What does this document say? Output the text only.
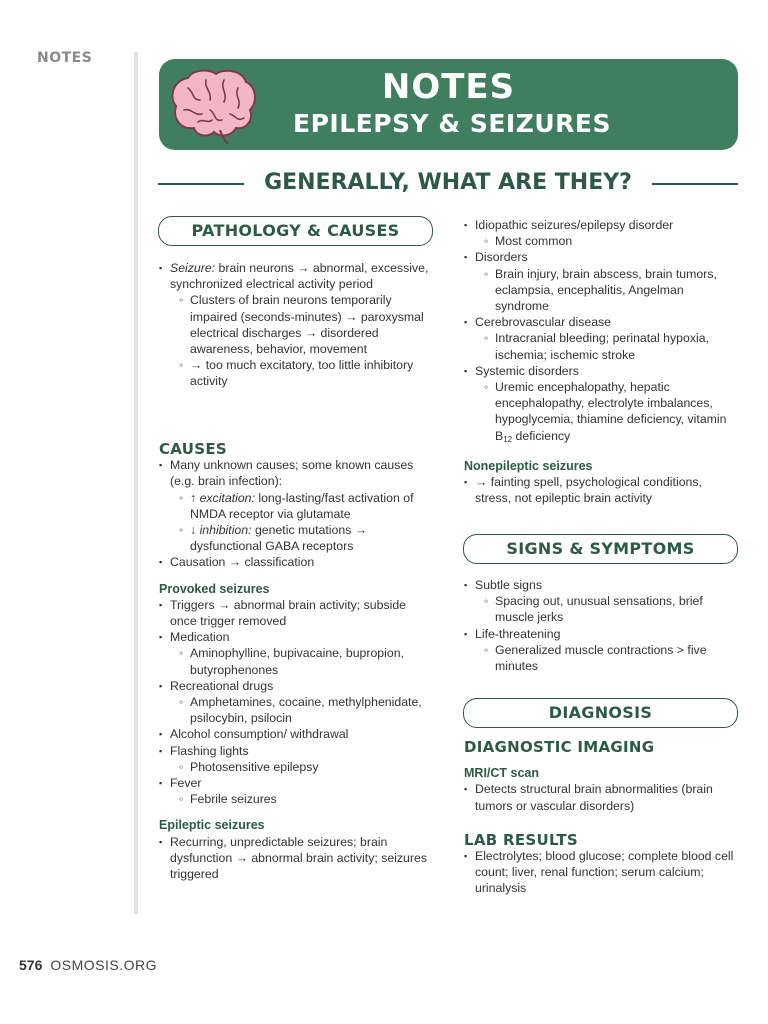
NOTES
NOTES
EPILEPSY & SEIZURES
GENERALLY, WHAT ARE THEY?
PATHOLOGY & CAUSES
SIGNS & SYMPTOMS
DIAGNOSIS
▪ Seizure: brain neurons → abnormal, excessive, synchronized electrical activity period
◦ Clusters of brain neurons temporarily impaired (seconds-minutes) → paroxysmal electrical discharges → disordered awareness, behavior, movement
◦ → too much excitatory, too little inhibitory activity
CAUSES
▪ Many unknown causes; some known causes (e.g. brain infection):
◦ ↑ excitation: long-lasting/fast activation of NMDA receptor via glutamate
◦ ↓ inhibition: genetic mutations → dysfunctional GABA receptors
▪ Causation → classification
Provoked seizures
▪ Triggers → abnormal brain activity; subside once trigger removed
▪ Medication
◦ Aminophylline, bupivacaine, bupropion, butyrophenones
▪ Recreational drugs
◦ Amphetamines, cocaine, methylphenidate, psilocybin, psilocin
▪ Alcohol consumption/ withdrawal
▪ Flashing lights
◦ Photosensitive epilepsy
▪ Fever
◦ Febrile seizures
Epileptic seizures
▪ Recurring, unpredictable seizures; brain dysfunction → abnormal brain activity; seizures triggered
▪ Idiopathic seizures/epilepsy disorder
◦ Most common
▪ Disorders
◦ Brain injury, brain abscess, brain tumors, eclampsia, encephalitis, Angelman syndrome
▪ Cerebrovascular disease
◦ Intracranial bleeding; perinatal hypoxia, ischemia; ischemic stroke
▪ Systemic disorders
◦ Uremic encephalopathy, hepatic encephalopathy, electrolyte imbalances, hypoglycemia, thiamine deficiency, vitamin $B_{12}$ deficiency
Nonepileptic seizures
▪ → fainting spell, psychological conditions, stress, not epileptic brain activity
▪ Subtle signs
◦ Spacing out, unusual sensations, brief muscle jerks
▪ Life-threatening
◦ Generalized muscle contractions > five minutes
DIAGNOSTIC IMAGING
MRI/CT scan
▪ Detects structural brain abnormalities (brain tumors or vascular disorders)
LAB RESULTS
▪ Electrolytes; blood glucose; complete blood cell count; liver, renal function; serum calcium; urinalysis
576 OSMOSIS.ORG
